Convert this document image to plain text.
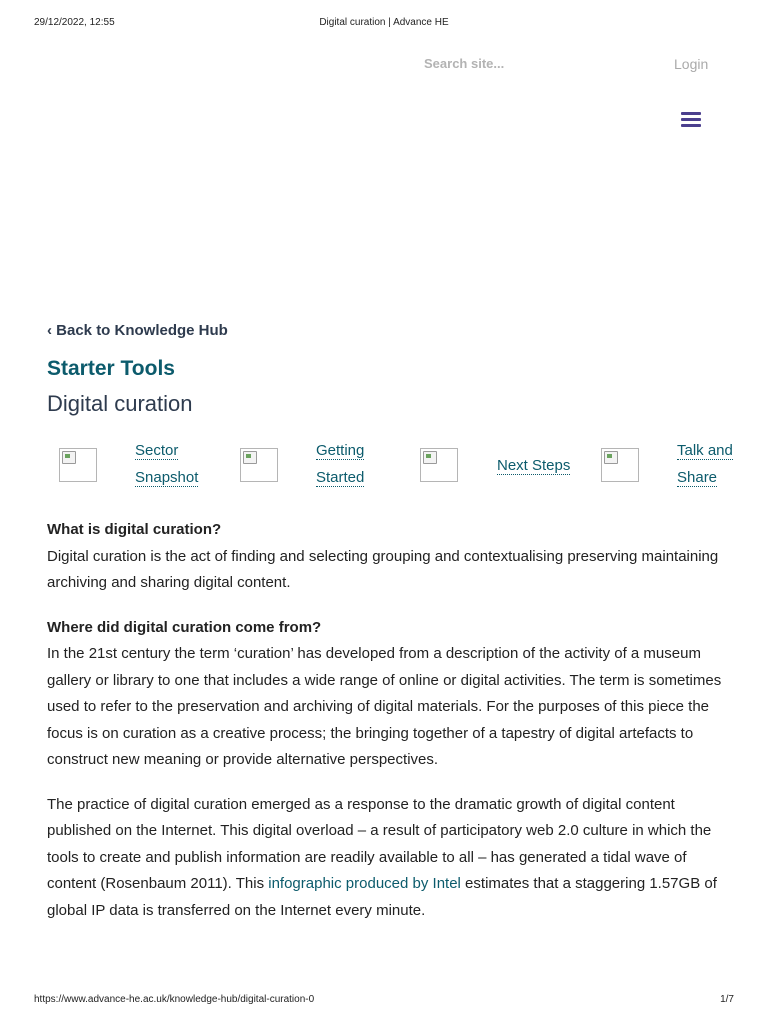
29/12/2022, 12:55	Digital curation | Advance HE
Search site...	Login
‹ Back to Knowledge Hub
Starter Tools
Digital curation
Sector
Snapshot
Getting
Started
Next Steps
Talk and
Share
What is digital curation?

Digital curation is the act of finding and selecting grouping and contextualising preserving maintaining archiving and sharing digital content.

Where did digital curation come from?

In the 21st century the term ‘curation’ has developed from a description of the activity of a museum gallery or library to one that includes a wide range of online or digital activities. The term is sometimes used to refer to the preservation and archiving of digital materials. For the purposes of this piece the focus is on curation as a creative process; the bringing together of a tapestry of digital artefacts to construct new meaning or provide alternative perspectives.

The practice of digital curation emerged as a response to the dramatic growth of digital content published on the Internet. This digital overload – a result of participatory web 2.0 culture in which the tools to create and publish information are readily available to all – has generated a tidal wave of content (Rosenbaum 2011). This infographic produced by Intel estimates that a staggering 1.57GB of global IP data is transferred on the Internet every minute.

https://www.advance-he.ac.uk/knowledge-hub/digital-curation-0	1/7
